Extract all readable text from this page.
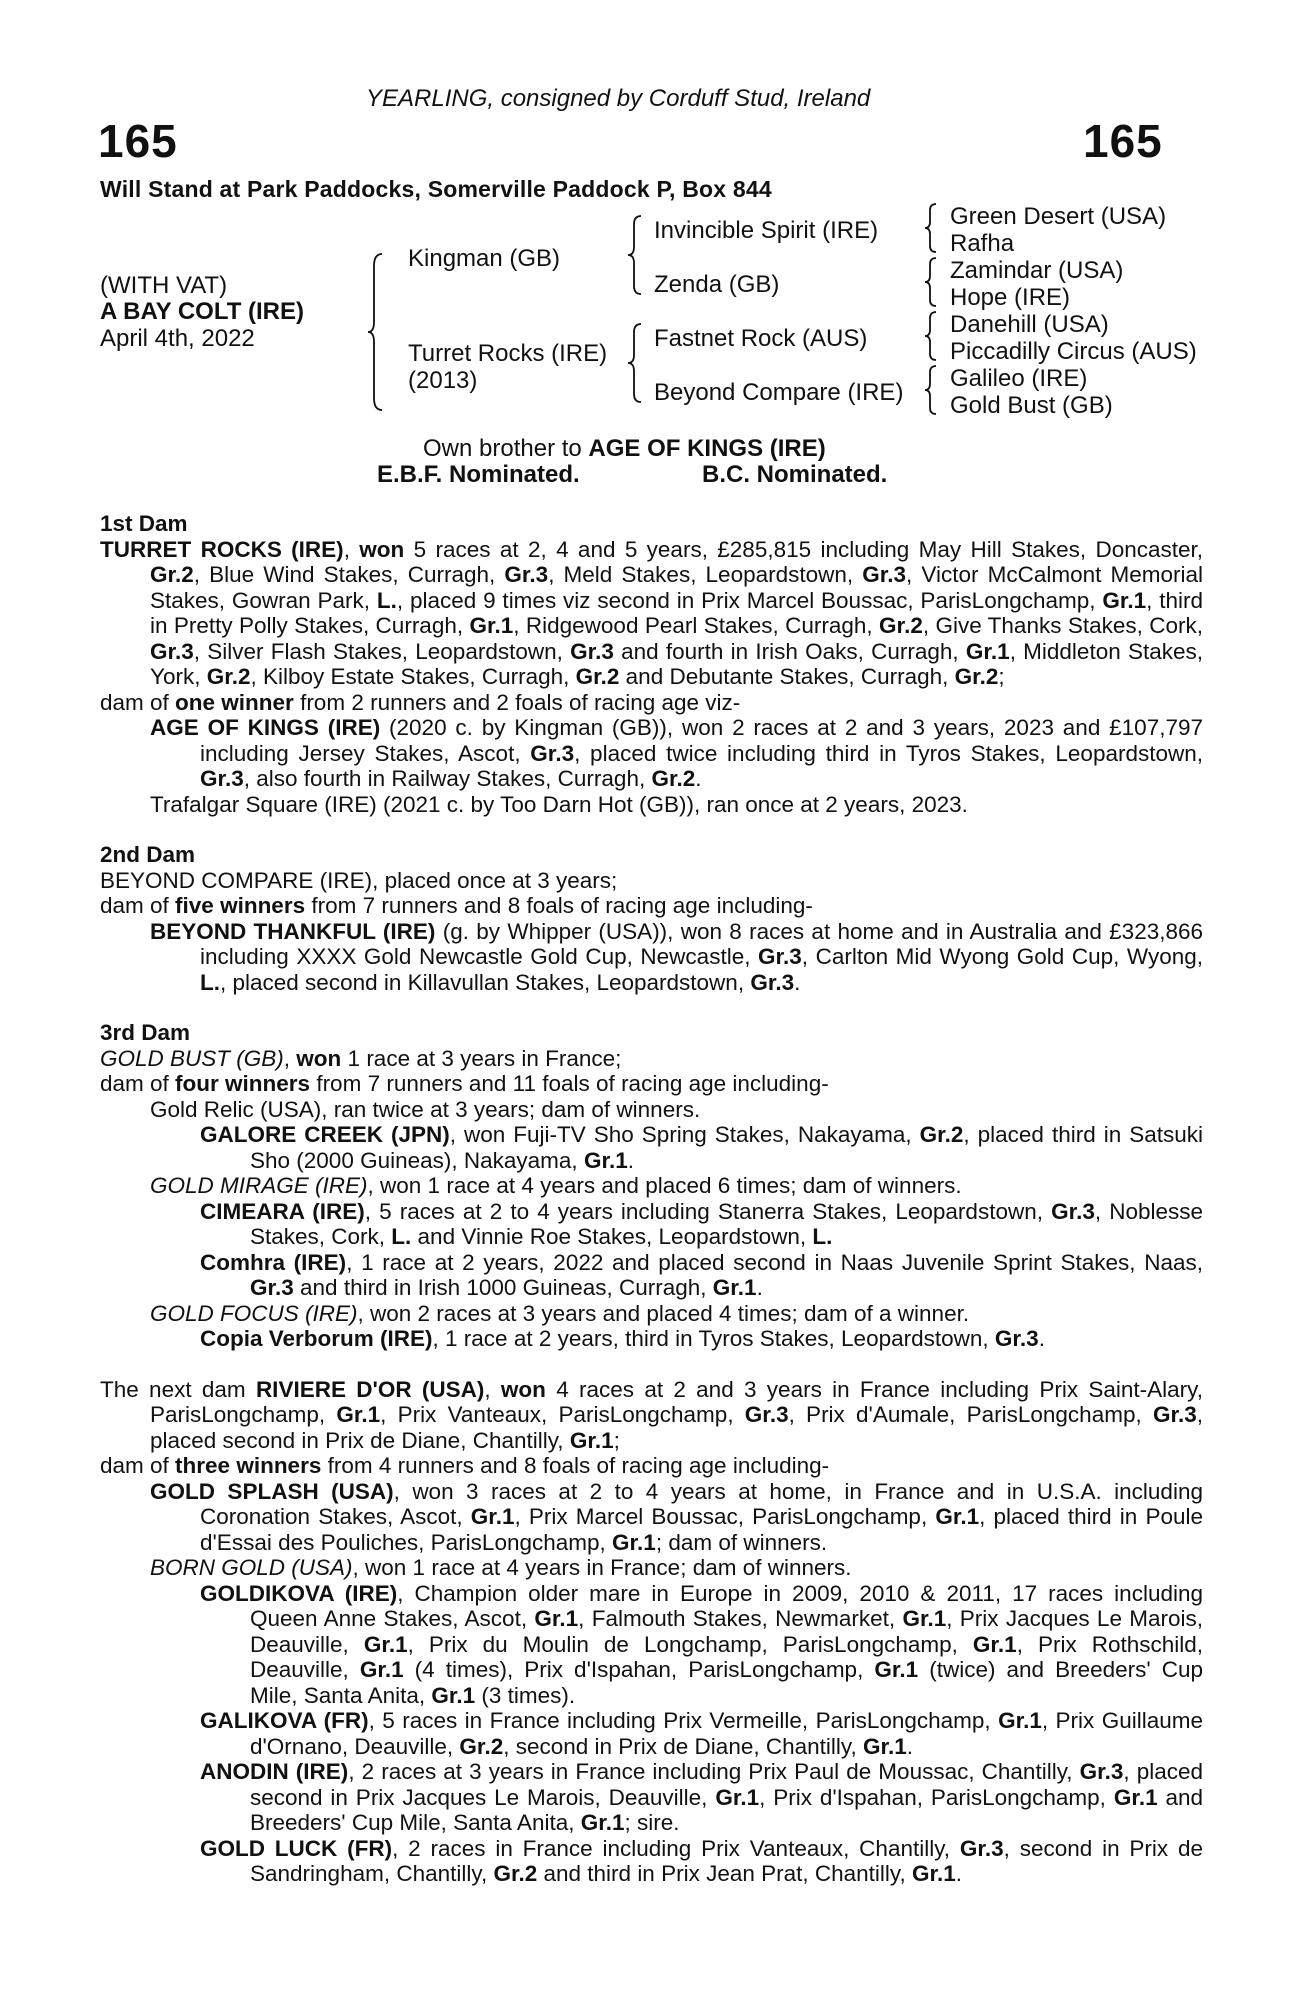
YEARLING, consigned by Corduff Stud, Ireland
165	165
Will Stand at Park Paddocks, Somerville Paddock P, Box 844
(WITH VAT)
A BAY COLT (IRE)
April 4th, 2022
Kingman (GB)
Turret Rocks (IRE)
(2013)
Invincible Spirit (IRE)
Zenda (GB)
Fastnet Rock (AUS)
Beyond Compare (IRE)
Green Desert (USA)
Rafha
Zamindar (USA)
Hope (IRE)
Danehill (USA)
Piccadilly Circus (AUS)
Galileo (IRE)
Gold Bust (GB)
Own brother to AGE OF KINGS (IRE)
E.B.F. Nominated.	B.C. Nominated.
1st Dam

TURRET ROCKS (IRE), won 5 races at 2, 4 and 5 years, £285,815 including May Hill Stakes, Doncaster, Gr.2, Blue Wind Stakes, Curragh, Gr.3, Meld Stakes, Leopardstown, Gr.3, Victor McCalmont Memorial Stakes, Gowran Park, L., placed 9 times viz second in Prix Marcel Boussac, ParisLongchamp, Gr.1, third in Pretty Polly Stakes, Curragh, Gr.1, Ridgewood Pearl Stakes, Curragh, Gr.2, Give Thanks Stakes, Cork, Gr.3, Silver Flash Stakes, Leopardstown, Gr.3 and fourth in Irish Oaks, Curragh, Gr.1, Middleton Stakes, York, Gr.2, Kilboy Estate Stakes, Curragh, Gr.2 and Debutante Stakes, Curragh, Gr.2;

dam of one winner from 2 runners and 2 foals of racing age viz-

AGE OF KINGS (IRE) (2020 c. by Kingman (GB)), won 2 races at 2 and 3 years, 2023 and £107,797 including Jersey Stakes, Ascot, Gr.3, placed twice including third in Tyros Stakes, Leopardstown, Gr.3, also fourth in Railway Stakes, Curragh, Gr.2.

Trafalgar Square (IRE) (2021 c. by Too Darn Hot (GB)), ran once at 2 years, 2023.

2nd Dam

BEYOND COMPARE (IRE), placed once at 3 years;

dam of five winners from 7 runners and 8 foals of racing age including-

BEYOND THANKFUL (IRE) (g. by Whipper (USA)), won 8 races at home and in Australia and £323,866 including XXXX Gold Newcastle Gold Cup, Newcastle, Gr.3, Carlton Mid Wyong Gold Cup, Wyong, L., placed second in Killavullan Stakes, Leopardstown, Gr.3.

3rd Dam

GOLD BUST (GB), won 1 race at 3 years in France;

dam of four winners from 7 runners and 11 foals of racing age including-

Gold Relic (USA), ran twice at 3 years; dam of winners.

GALORE CREEK (JPN), won Fuji-TV Sho Spring Stakes, Nakayama, Gr.2, placed third in Satsuki Sho (2000 Guineas), Nakayama, Gr.1.

GOLD MIRAGE (IRE), won 1 race at 4 years and placed 6 times; dam of winners.

CIMEARA (IRE), 5 races at 2 to 4 years including Stanerra Stakes, Leopardstown, Gr.3, Noblesse Stakes, Cork, L. and Vinnie Roe Stakes, Leopardstown, L.

Comhra (IRE), 1 race at 2 years, 2022 and placed second in Naas Juvenile Sprint Stakes, Naas, Gr.3 and third in Irish 1000 Guineas, Curragh, Gr.1.

GOLD FOCUS (IRE), won 2 races at 3 years and placed 4 times; dam of a winner.

Copia Verborum (IRE), 1 race at 2 years, third in Tyros Stakes, Leopardstown, Gr.3.

The next dam RIVIERE D'OR (USA), won 4 races at 2 and 3 years in France including Prix Saint-Alary, ParisLongchamp, Gr.1, Prix Vanteaux, ParisLongchamp, Gr.3, Prix d'Aumale, ParisLongchamp, Gr.3, placed second in Prix de Diane, Chantilly, Gr.1;

dam of three winners from 4 runners and 8 foals of racing age including-

GOLD SPLASH (USA), won 3 races at 2 to 4 years at home, in France and in U.S.A. including Coronation Stakes, Ascot, Gr.1, Prix Marcel Boussac, ParisLongchamp, Gr.1, placed third in Poule d'Essai des Pouliches, ParisLongchamp, Gr.1; dam of winners.

BORN GOLD (USA), won 1 race at 4 years in France; dam of winners.

GOLDIKOVA (IRE), Champion older mare in Europe in 2009, 2010 & 2011, 17 races including Queen Anne Stakes, Ascot, Gr.1, Falmouth Stakes, Newmarket, Gr.1, Prix Jacques Le Marois, Deauville, Gr.1, Prix du Moulin de Longchamp, ParisLongchamp, Gr.1, Prix Rothschild, Deauville, Gr.1 (4 times), Prix d'Ispahan, ParisLongchamp, Gr.1 (twice) and Breeders' Cup Mile, Santa Anita, Gr.1 (3 times).

GALIKOVA (FR), 5 races in France including Prix Vermeille, ParisLongchamp, Gr.1, Prix Guillaume d'Ornano, Deauville, Gr.2, second in Prix de Diane, Chantilly, Gr.1.

ANODIN (IRE), 2 races at 3 years in France including Prix Paul de Moussac, Chantilly, Gr.3, placed second in Prix Jacques Le Marois, Deauville, Gr.1, Prix d'Ispahan, ParisLongchamp, Gr.1 and Breeders' Cup Mile, Santa Anita, Gr.1; sire.

GOLD LUCK (FR), 2 races in France including Prix Vanteaux, Chantilly, Gr.3, second in Prix de Sandringham, Chantilly, Gr.2 and third in Prix Jean Prat, Chantilly, Gr.1.
